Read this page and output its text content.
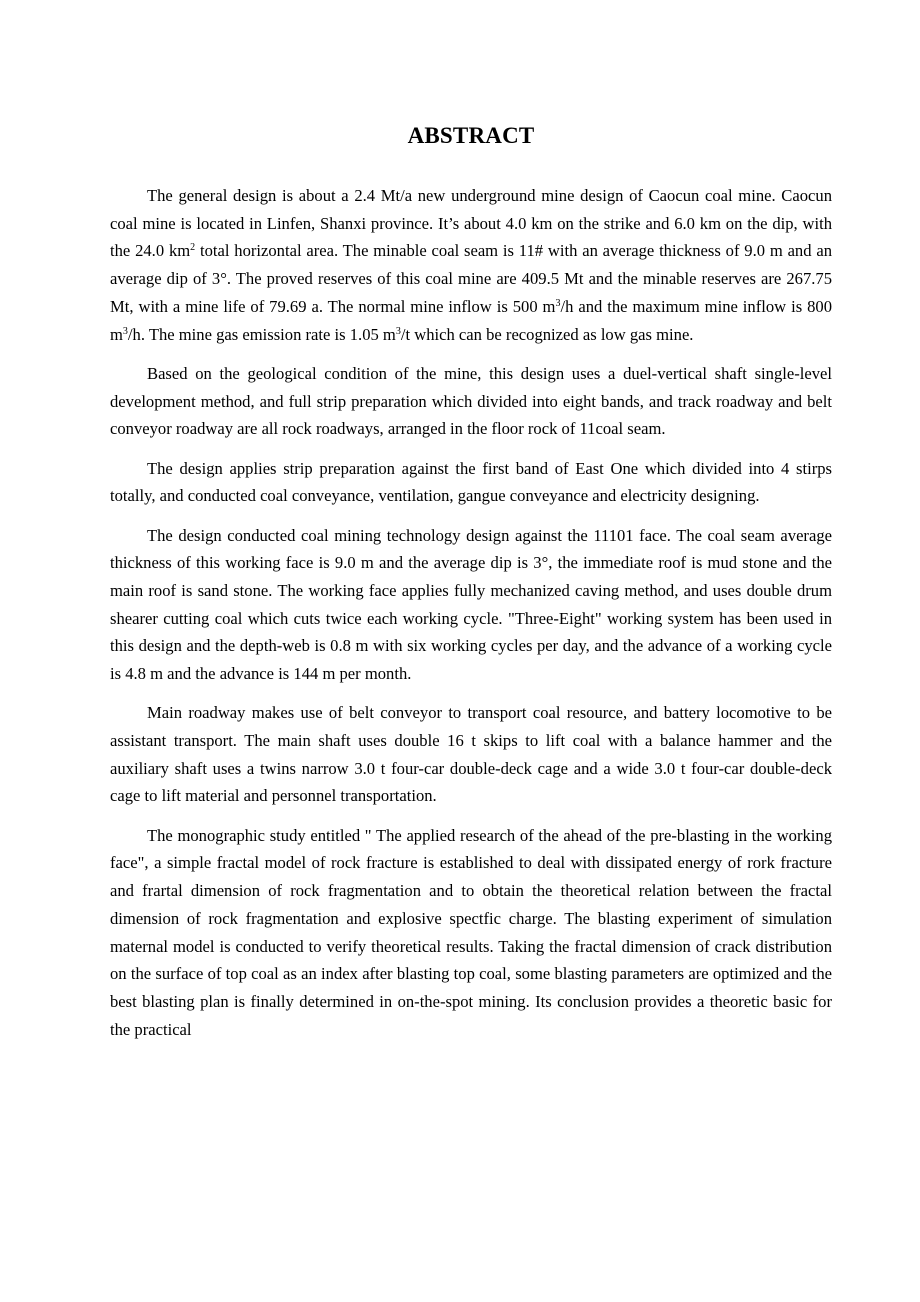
ABSTRACT

The general design is about a 2.4 Mt/a new underground mine design of Caocun coal mine. Caocun coal mine is located in Linfen, Shanxi province. It’s about 4.0 km on the strike and 6.0 km on the dip, with the 24.0 $km^2$ total horizontal area. The minable coal seam is 11# with an average thickness of 9.0 m and an average dip of 3°. The proved reserves of this coal mine are 409.5 Mt and the minable reserves are 267.75 Mt, with a mine life of 79.69 a. The normal mine inflow is 500 $m^3/h$ and the maximum mine inflow is 800 $m^3/h$. The mine gas emission rate is 1.05 $m^3/t$ which can be recognized as low gas mine.

Based on the geological condition of the mine, this design uses a duel-vertical shaft single-level development method, and full strip preparation which divided into eight bands, and track roadway and belt conveyor roadway are all rock roadways, arranged in the floor rock of 11coal seam.

The design applies strip preparation against the first band of East One which divided into 4 stirps totally, and conducted coal conveyance, ventilation, gangue conveyance and electricity designing.

The design conducted coal mining technology design against the 11101 face. The coal seam average thickness of this working face is 9.0 m and the average dip is 3°, the immediate roof is mud stone and the main roof is sand stone. The working face applies fully mechanized caving method, and uses double drum shearer cutting coal which cuts twice each working cycle. "Three-Eight" working system has been used in this design and the depth-web is 0.8 m with six working cycles per day, and the advance of a working cycle is 4.8 m and the advance is 144 m per month.

Main roadway makes use of belt conveyor to transport coal resource, and battery locomotive to be assistant transport. The main shaft uses double 16 t skips to lift coal with a balance hammer and the auxiliary shaft uses a twins narrow 3.0 t four-car double-deck cage and a wide 3.0 t four-car double-deck cage to lift material and personnel transportation.

The monographic study entitled " The applied research of the ahead of the pre-blasting in the working face", a simple fractal model of rock fracture is established to deal with dissipated energy of rork fracture and frartal dimension of rock fragmentation and to obtain the theoretical relation between the fractal dimension of rock fragmentation and explosive spectfic charge. The blasting experiment of simulation maternal model is conducted to verify theoretical results. Taking the fractal dimension of crack distribution on the surface of top coal as an index after blasting top coal, some blasting parameters are optimized and the best blasting plan is finally determined in on-the-spot mining. Its conclusion provides a theoretic basic for the practical
